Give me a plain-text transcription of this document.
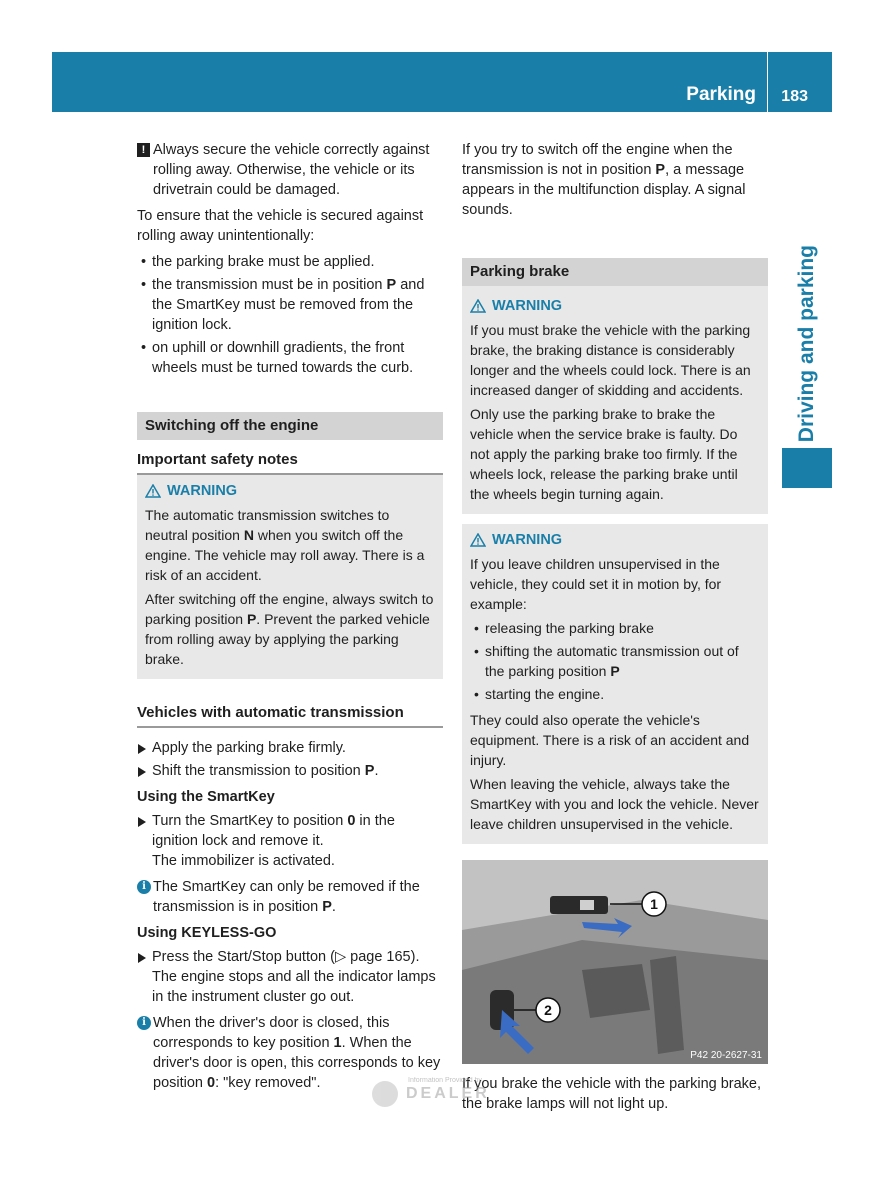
Parking 183
Driving and parking
! Always secure the vehicle correctly against rolling away. Otherwise, the vehicle or its drivetrain could be damaged.

To ensure that the vehicle is secured against rolling away unintentionally:

• the parking brake must be applied.
• the transmission must be in position P and the SmartKey must be removed from the ignition lock.
• on uphill or downhill gradients, the front wheels must be turned towards the curb.
Switching off the engine
Important safety notes
WARNING

The automatic transmission switches to neutral position N when you switch off the engine. The vehicle may roll away. There is a risk of an accident.

After switching off the engine, always switch to parking position P. Prevent the parked vehicle from rolling away by applying the parking brake.

Vehicles with automatic transmission
Apply the parking brake firmly.
Shift the transmission to position P.
Using the SmartKey
Turn the SmartKey to position 0 in the ignition lock and remove it.
The immobilizer is activated.
i The SmartKey can only be removed if the transmission is in position P.
Using KEYLESS-GO
Press the Start/Stop button (▷ page 165).
The engine stops and all the indicator lamps in the instrument cluster go out.
i When the driver's door is closed, this corresponds to key position 1. When the driver's door is open, this corresponds to key position 0: "key removed".

If you try to switch off the engine when the transmission is not in position P, a message appears in the multifunction display. A signal sounds.

Parking brake
WARNING

If you must brake the vehicle with the parking brake, the braking distance is considerably longer and the wheels could lock. There is an increased danger of skidding and accidents.

Only use the parking brake to brake the vehicle when the service brake is faulty. Do not apply the parking brake too firmly. If the wheels lock, release the parking brake until the wheels begin turning again.

WARNING

If you leave children unsupervised in the vehicle, they could set it in motion by, for example:

• releasing the parking brake
• shifting the automatic transmission out of the parking position P
• starting the engine.

They could also operate the vehicle's equipment. There is a risk of an accident and injury.

When leaving the vehicle, always take the SmartKey with you and lock the vehicle. Never leave children unsupervised in the vehicle.

1
2
P42 20-2627-31

If you brake the vehicle with the parking brake, the brake lamps will not light up.

Information Provided by
DEALER
